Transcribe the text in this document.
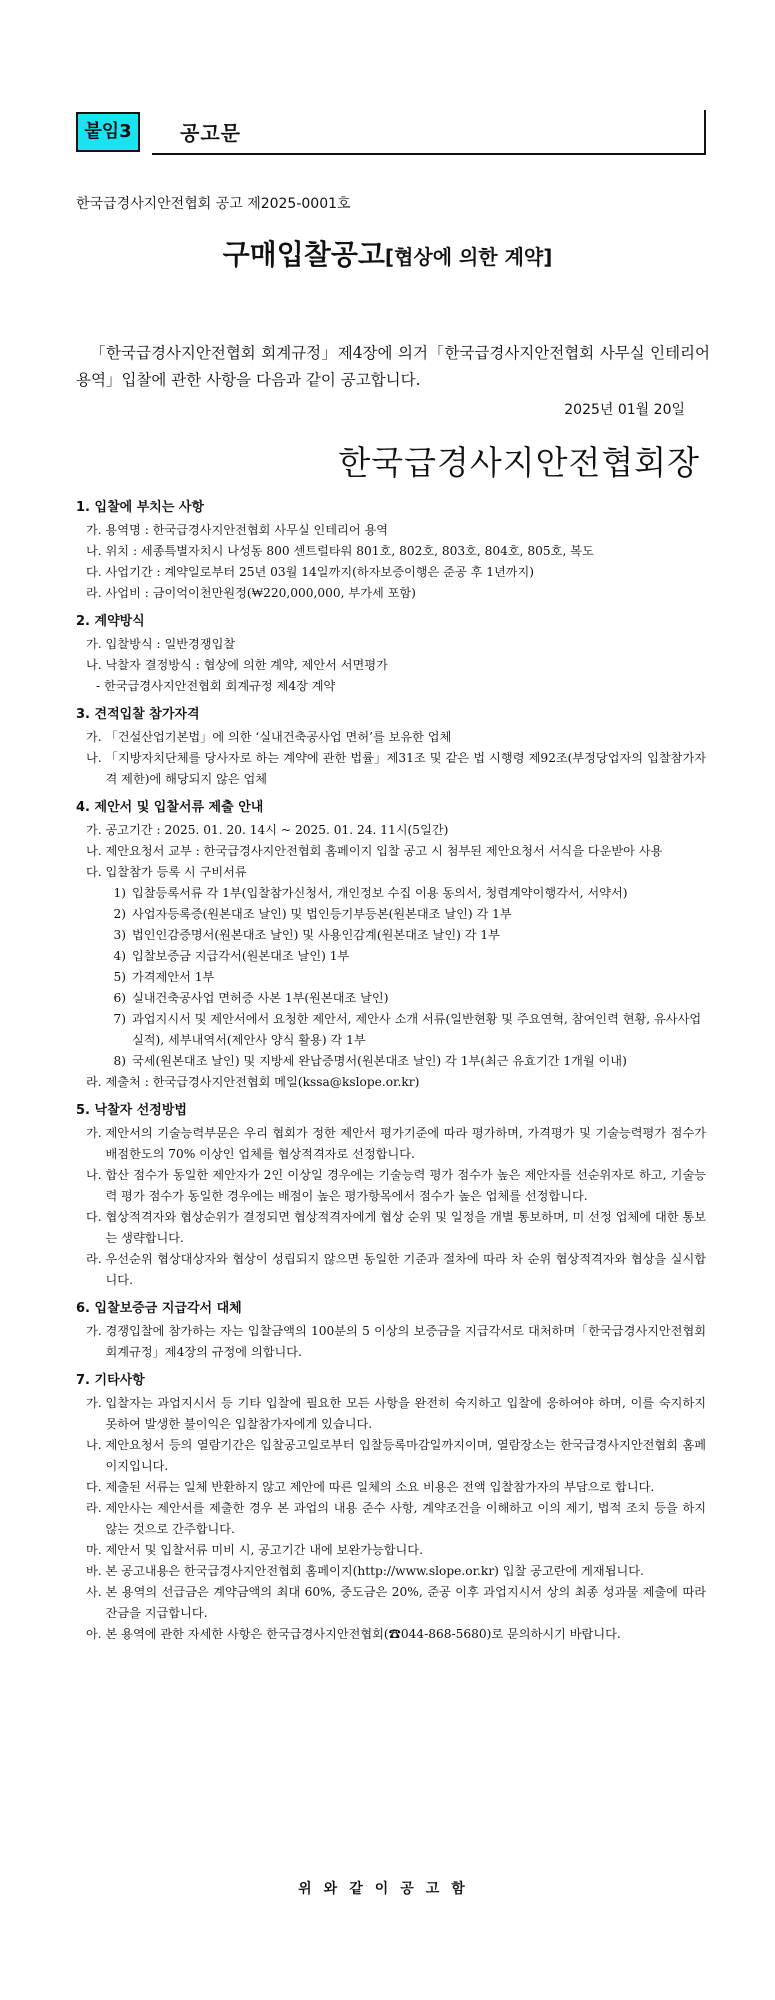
붙임3	공고문
한국급경사지안전협회 공고 제2025-0001호
구매입찰공고[협상에 의한 계약]
「한국급경사지안전협회 회계규정」제4장에 의거「한국급경사지안전협회 사무실 인테리어 용역」입찰에 관한 사항을 다음과 같이 공고합니다.
2025년 01월 20일
한국급경사지안전협회장
1. 입찰에 부치는 사항
가. 용역명 : 한국급경사지안전협회 사무실 인테리어 용역
나. 위치 : 세종특별자치시 나성동 800 센트럴타워 801호, 802호, 803호, 804호, 805호, 복도
다. 사업기간 : 계약일로부터 25년 03월 14일까지(하자보증이행은 준공 후 1년까지)
라. 사업비 : 금이억이천만원정(₩220,000,000, 부가세 포함)
2. 계약방식
가. 입찰방식 : 일반경쟁입찰
나. 낙찰자 결정방식 : 협상에 의한 계약, 제안서 서면평가
- 한국급경사지안전협회 회계규정 제4장 계약
3. 견적입찰 참가자격
가. 「건설산업기본법」에 의한 ‘실내건축공사업 면허’를 보유한 업체
나. 「지방자치단체를 당사자로 하는 계약에 관한 법률」제31조 및 같은 법 시행령 제92조(부정당업자의 입찰참가자격 제한)에 해당되지 않은 업체
4. 제안서 및 입찰서류 제출 안내
가. 공고기간 : 2025. 01. 20. 14시 ~ 2025. 01. 24. 11시(5일간)
나. 제안요청서 교부 : 한국급경사지안전협회 홈페이지 입찰 공고 시 첨부된 제안요청서 서식을 다운받아 사용
다. 입찰참가 등록 시 구비서류
1) 입찰등록서류 각 1부(입찰참가신청서, 개인정보 수집 이용 동의서, 청렴계약이행각서, 서약서)
2) 사업자등록증(원본대조 날인) 및 법인등기부등본(원본대조 날인) 각 1부
3) 법인인감증명서(원본대조 날인) 및 사용인감계(원본대조 날인) 각 1부
4) 입찰보증금 지급각서(원본대조 날인) 1부
5) 가격제안서 1부
6) 실내건축공사업 면허증 사본 1부(원본대조 날인)
7) 과업지시서 및 제안서에서 요청한 제안서, 제안사 소개 서류(일반현황 및 주요연혁, 참여인력 현황, 유사사업실적), 세부내역서(제안사 양식 활용) 각 1부
8) 국세(원본대조 날인) 및 지방세 완납증명서(원본대조 날인) 각 1부(최근 유효기간 1개월 이내)
라. 제출처 : 한국급경사지안전협회 메일(kssa@kslope.or.kr)
5. 낙찰자 선정방법
가. 제안서의 기술능력부문은 우리 협회가 정한 제안서 평가기준에 따라 평가하며, 가격평가 및 기술능력평가 점수가 배점한도의 70% 이상인 업체를 협상적격자로 선정합니다.
나. 합산 점수가 동일한 제안자가 2인 이상일 경우에는 기술능력 평가 점수가 높은 제안자를 선순위자로 하고, 기술능력 평가 점수가 동일한 경우에는 배점이 높은 평가항목에서 점수가 높은 업체를 선정합니다.
다. 협상적격자와 협상순위가 결정되면 협상적격자에게 협상 순위 및 일정을 개별 통보하며, 미 선정 업체에 대한 통보는 생략합니다.
라. 우선순위 협상대상자와 협상이 성립되지 않으면 동일한 기준과 절차에 따라 차 순위 협상적격자와 협상을 실시합니다.
6. 입찰보증금 지급각서 대체
가. 경쟁입찰에 참가하는 자는 입찰금액의 100분의 5 이상의 보증금을 지급각서로 대처하며「한국급경사지안전협회 회계규정」제4장의 규정에 의합니다.
7. 기타사항
가. 입찰자는 과업지시서 등 기타 입찰에 필요한 모든 사항을 완전히 숙지하고 입찰에 응하여야 하며, 이를 숙지하지 못하여 발생한 불이익은 입찰참가자에게 있습니다.
나. 제안요청서 등의 열람기간은 입찰공고일로부터 입찰등록마감일까지이며, 열람장소는 한국급경사지안전협회 홈페이지입니다.
다. 제출된 서류는 일체 반환하지 않고 제안에 따른 일체의 소요 비용은 전액 입찰참가자의 부담으로 합니다.
라. 제안사는 제안서를 제출한 경우 본 과업의 내용 준수 사항, 계약조건을 이해하고 이의 제기, 법적 조치 등을 하지 않는 것으로 간주합니다.
마. 제안서 및 입찰서류 미비 시, 공고기간 내에 보완가능합니다.
바. 본 공고내용은 한국급경사지안전협회 홈페이지(http://www.slope.or.kr) 입찰 공고란에 게재됩니다.
사. 본 용역의 선급금은 계약금액의 최대 60%, 중도금은 20%, 준공 이후 과업지시서 상의 최종 성과물 제출에 따라 잔금을 지급합니다.
아. 본 용역에 관한 자세한 사항은 한국급경사지안전협회(☎044-868-5680)로 문의하시기 바랍니다.
위와같이공고함
